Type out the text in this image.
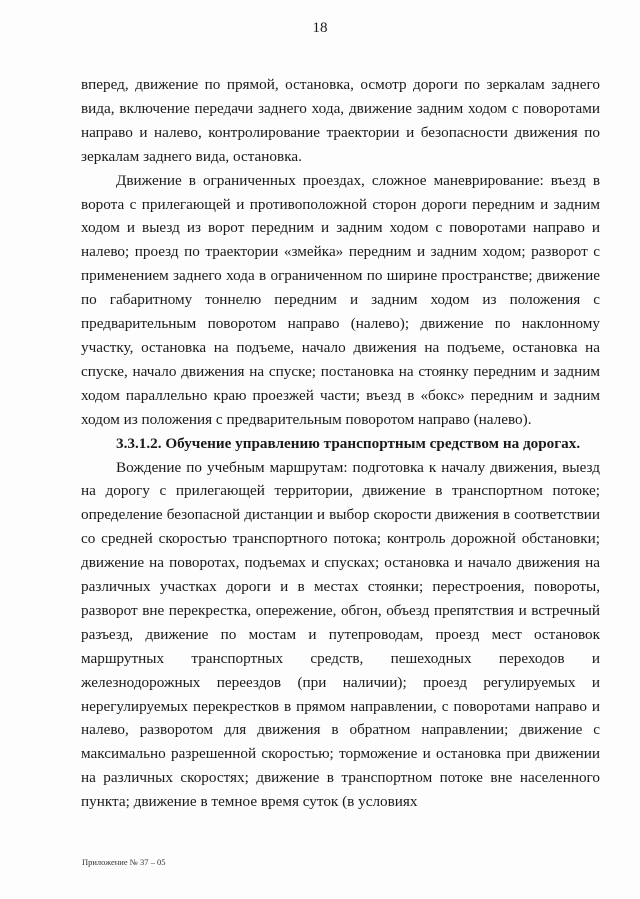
18

вперед, движение по прямой, остановка, осмотр дороги по зеркалам заднего вида, включение передачи заднего хода, движение задним ходом с поворотами направо и налево, контролирование траектории и безопасности движения по зеркалам заднего вида, остановка.

Движение в ограниченных проездах, сложное маневрирование: въезд в ворота с прилегающей и противоположной сторон дороги передним и задним ходом и выезд из ворот передним и задним ходом с поворотами направо и налево; проезд по траектории «змейка» передним и задним ходом; разворот с применением заднего хода в ограниченном по ширине пространстве; движение по габаритному тоннелю передним и задним ходом из положения с предварительным поворотом направо (налево); движение по наклонному участку, остановка на подъеме, начало движения на подъеме, остановка на спуске, начало движения на спуске; постановка на стоянку передним и задним ходом параллельно краю проезжей части; въезд в «бокс» передним и задним ходом из положения с предварительным поворотом направо (налево).

3.3.1.2. Обучение управлению транспортным средством на дорогах.

Вождение по учебным маршрутам: подготовка к началу движения, выезд на дорогу с прилегающей территории, движение в транспортном потоке; определение безопасной дистанции и выбор скорости движения в соответствии со средней скоростью транспортного потока; контроль дорожной обстановки; движение на поворотах, подъемах и спусках; остановка и начало движения на различных участках дороги и в местах стоянки; перестроения, повороты, разворот вне перекрестка, опережение, обгон, объезд препятствия и встречный разъезд, движение по мостам и путепроводам, проезд мест остановок маршрутных транспортных средств, пешеходных переходов и железнодорожных переездов (при наличии); проезд регулируемых и нерегулируемых перекрестков в прямом направлении, с поворотами направо и налево, разворотом для движения в обратном направлении; движение с максимально разрешенной скоростью; торможение и остановка при движении на различных скоростях; движение в транспортном потоке вне населенного пункта; движение в темное время суток (в условиях

Приложение № 37 – 05
